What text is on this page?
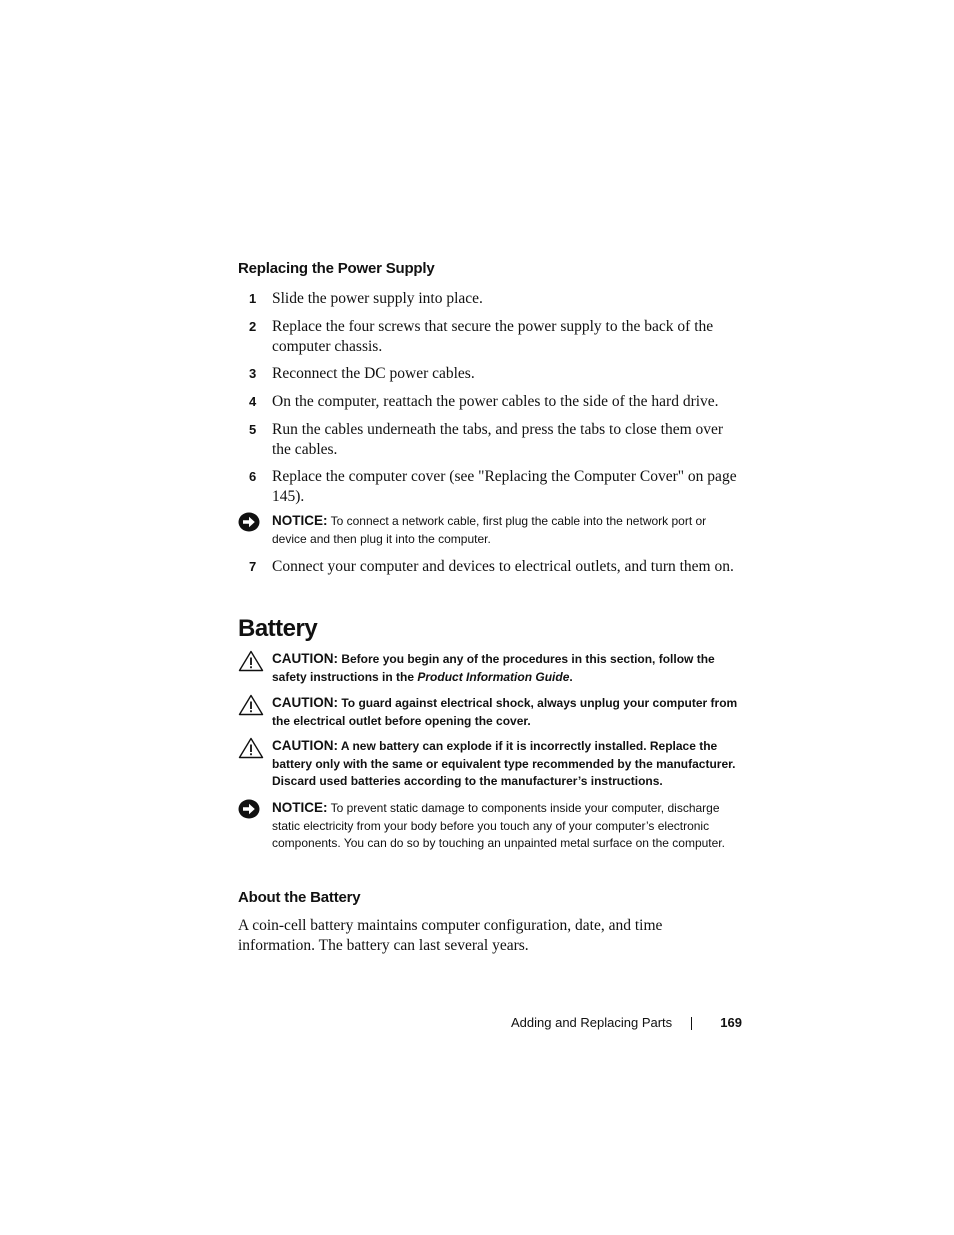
Replacing the Power Supply
1 Slide the power supply into place.
2 Replace the four screws that secure the power supply to the back of the computer chassis.
3 Reconnect the DC power cables.
4 On the computer, reattach the power cables to the side of the hard drive.
5 Run the cables underneath the tabs, and press the tabs to close them over the cables.
6 Replace the computer cover (see "Replacing the Computer Cover" on page 145).
NOTICE: To connect a network cable, first plug the cable into the network port or device and then plug it into the computer.
7 Connect your computer and devices to electrical outlets, and turn them on.
Battery
CAUTION: Before you begin any of the procedures in this section, follow the safety instructions in the Product Information Guide.
CAUTION: To guard against electrical shock, always unplug your computer from the electrical outlet before opening the cover.
CAUTION: A new battery can explode if it is incorrectly installed. Replace the battery only with the same or equivalent type recommended by the manufacturer. Discard used batteries according to the manufacturer’s instructions.
NOTICE: To prevent static damage to components inside your computer, discharge static electricity from your body before you touch any of your computer’s electronic components. You can do so by touching an unpainted metal surface on the computer.
About the Battery
A coin-cell battery maintains computer configuration, date, and time information. The battery can last several years.
Adding and Replacing Parts	169
